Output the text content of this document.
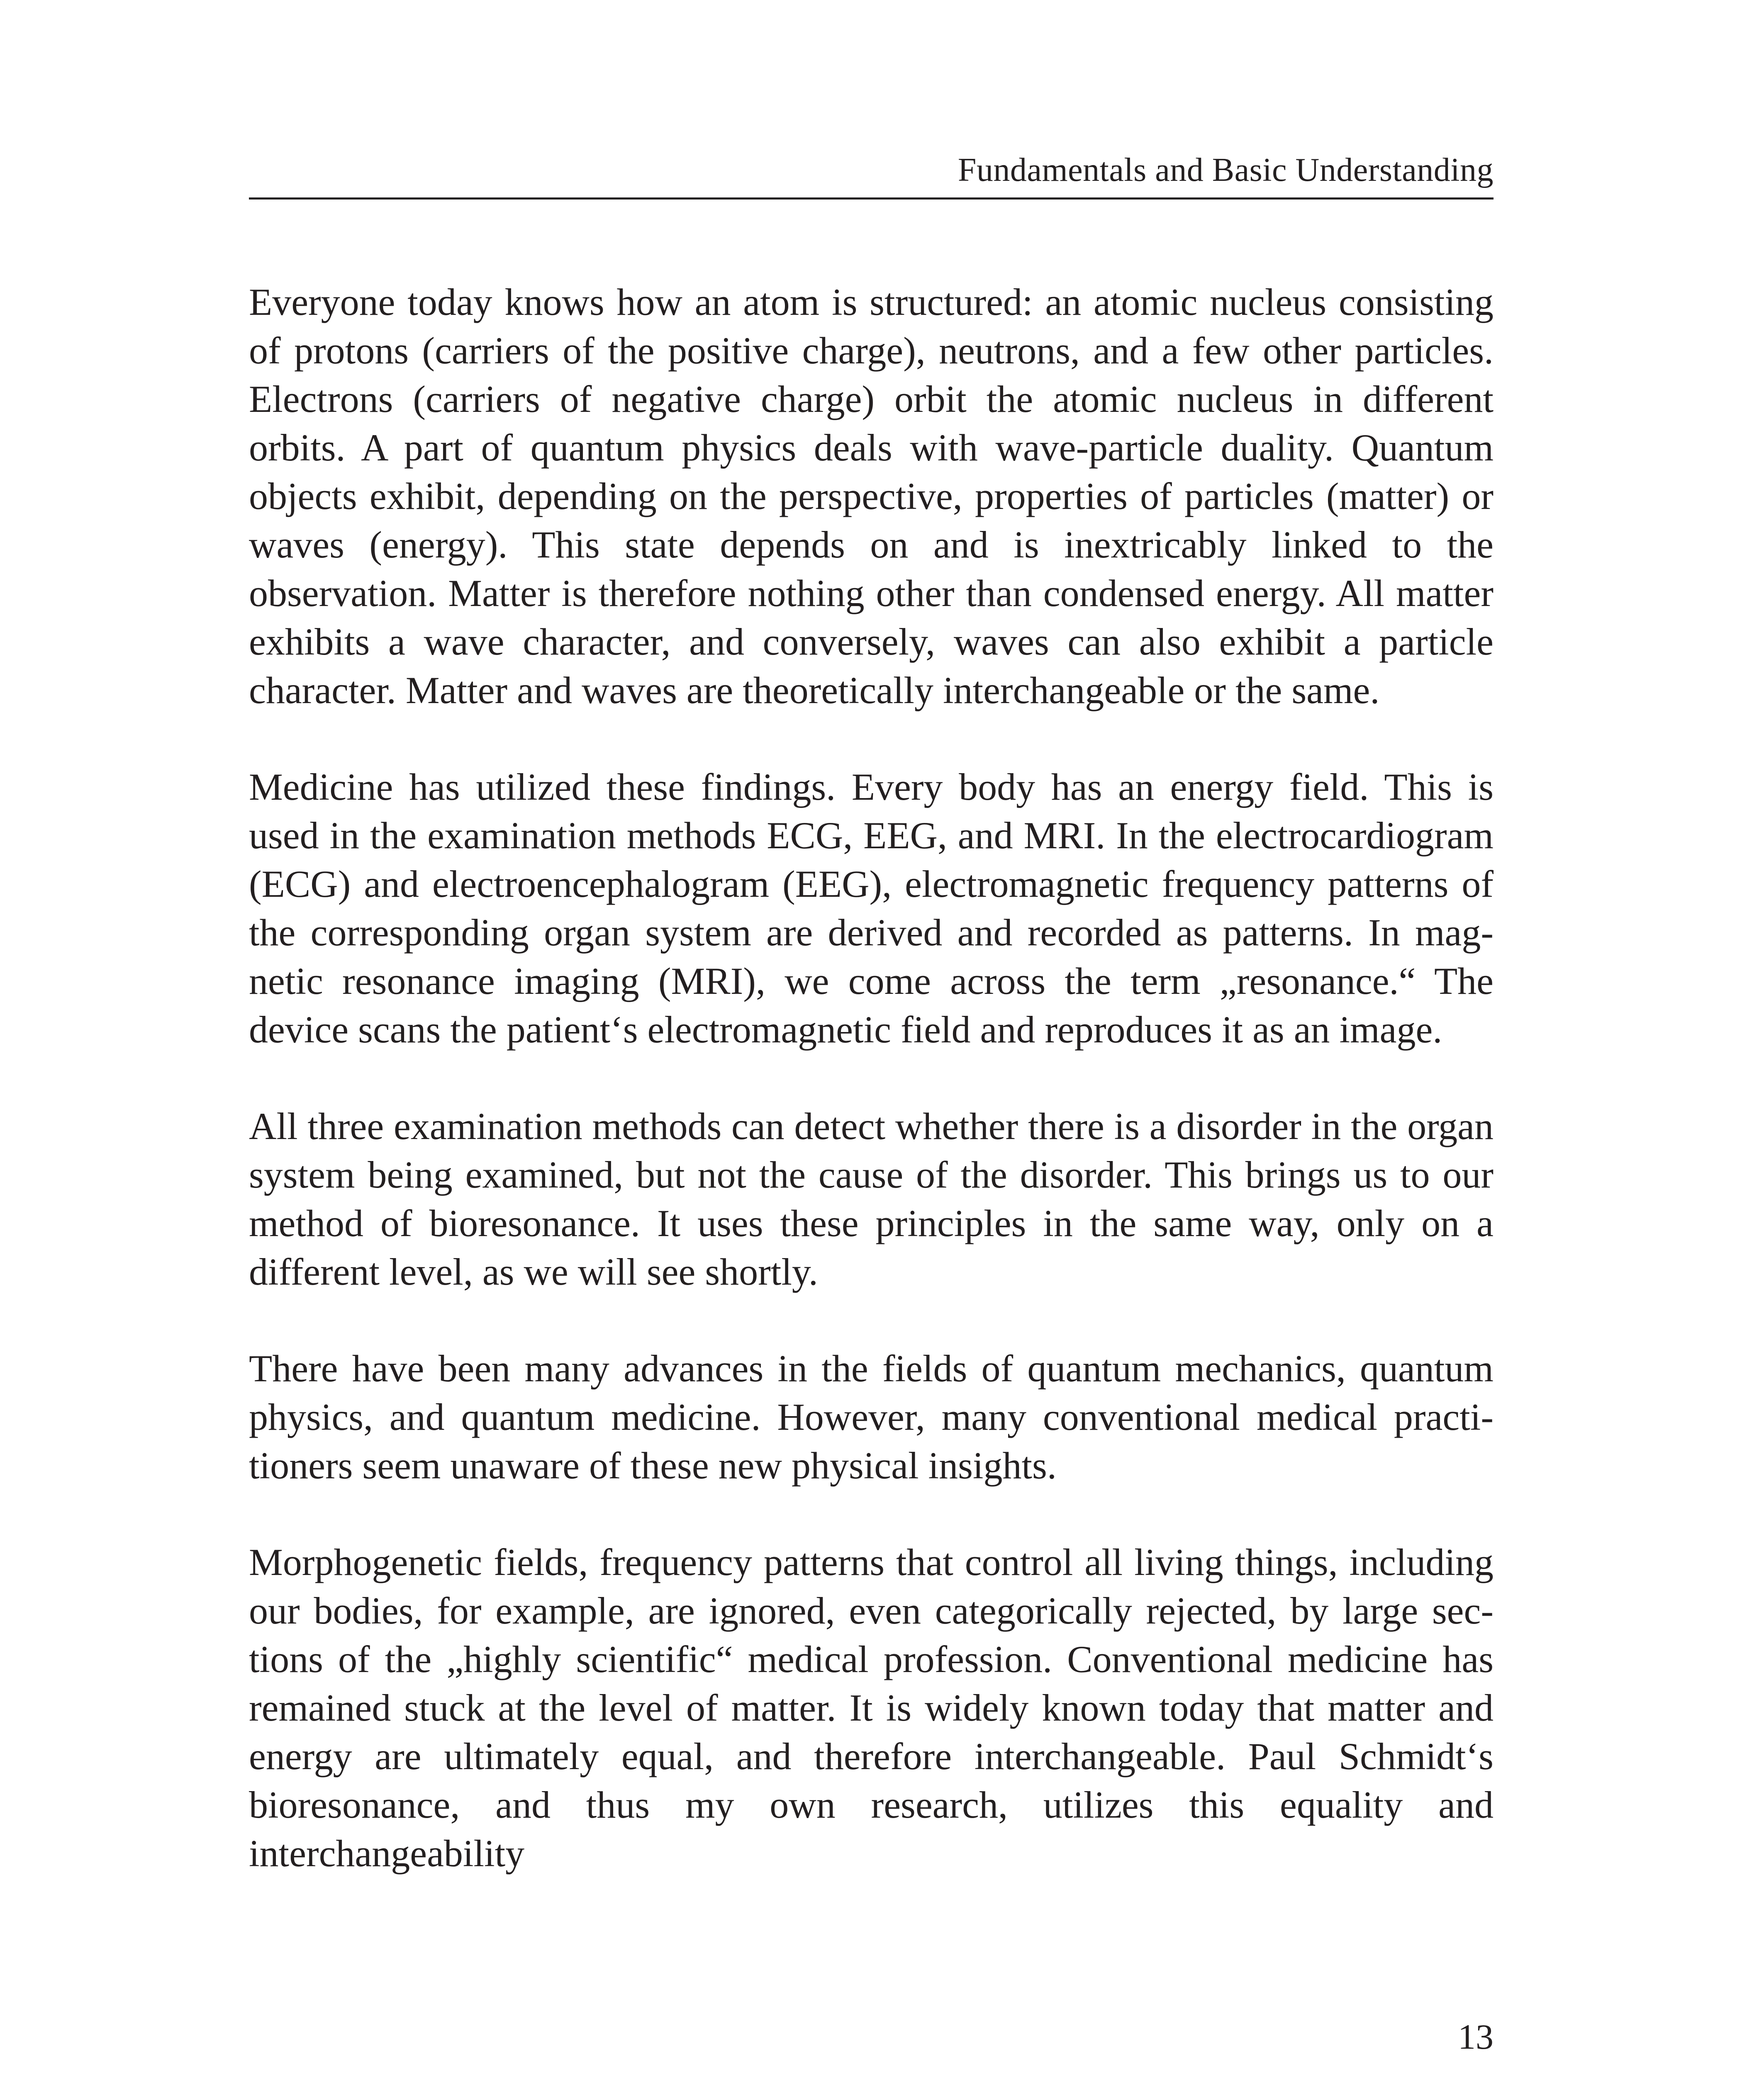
Fundamentals and Basic Understanding

Everyone today knows how an atom is structured: an atomic nucleus consisting of protons (carriers of the positive charge), neutrons, and a few other particles. Electrons (carriers of negative charge) orbit the atomic nucleus in different orbits. A part of quantum physics deals with wave-particle duality. Quantum objects exhibit, depending on the perspective, properties of particles (matter) or waves (energy). This state depends on and is inextricably linked to the observation. Matter is therefore nothing other than condensed energy. All matter exhibits a wave character, and conversely, waves can also exhibit a particle character. Matter and waves are theoretically interchangeable or the same.

Medicine has utilized these findings. Every body has an energy field. This is used in the examination methods ECG, EEG, and MRI. In the electrocardiogram (ECG) and electroencephalogram (EEG), electromagnetic frequency patterns of the corresponding organ system are derived and recorded as patterns. In magnetic resonance imaging (MRI), we come across the term „resonance.“ The device scans the patient‘s electromagnetic field and reproduces it as an image.

All three examination methods can detect whether there is a disorder in the organ system being examined, but not the cause of the disorder. This brings us to our method of bioresonance. It uses these principles in the same way, only on a different level, as we will see shortly.

There have been many advances in the fields of quantum mechanics, quantum physics, and quantum medicine. However, many conventional medical practitioners seem unaware of these new physical insights.

Morphogenetic fields, frequency patterns that control all living things, including our bodies, for example, are ignored, even categorically rejected, by large sections of the „highly scientific“ medical profession. Conventional medicine has remained stuck at the level of matter. It is widely known today that matter and energy are ultimately equal, and therefore interchangeable. Paul Schmidt‘s bioresonance, and thus my own research, utilizes this equality and interchangeability

13
